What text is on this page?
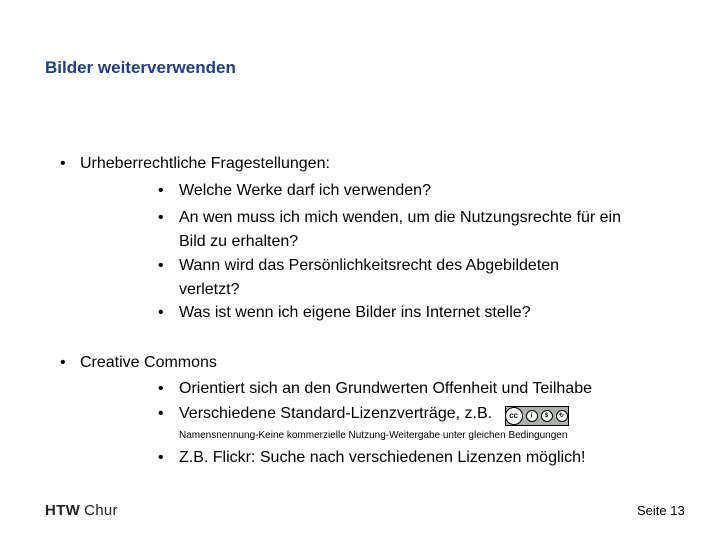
Bilder weiterverwenden
• Urheberrechtliche Fragestellungen:
• Welche Werke darf ich verwenden?
• An wen muss ich mich wenden, um die Nutzungsrechte für ein Bild zu erhalten?
• Wann wird das Persönlichkeitsrecht des Abgebildeten verletzt?
• Was ist wenn ich eigene Bilder ins Internet stelle?
• Creative Commons
• Orientiert sich an den Grundwerten Offenheit und Teilhabe
• Verschiedene Standard-Lizenzverträge, z.B.	cc	i	$	↻
Namensnennung-Keine kommerzielle Nutzung-Weitergabe unter gleichen Bedingungen
• Z.B. Flickr: Suche nach verschiedenen Lizenzen möglich!
HTW Chur	Seite 13
